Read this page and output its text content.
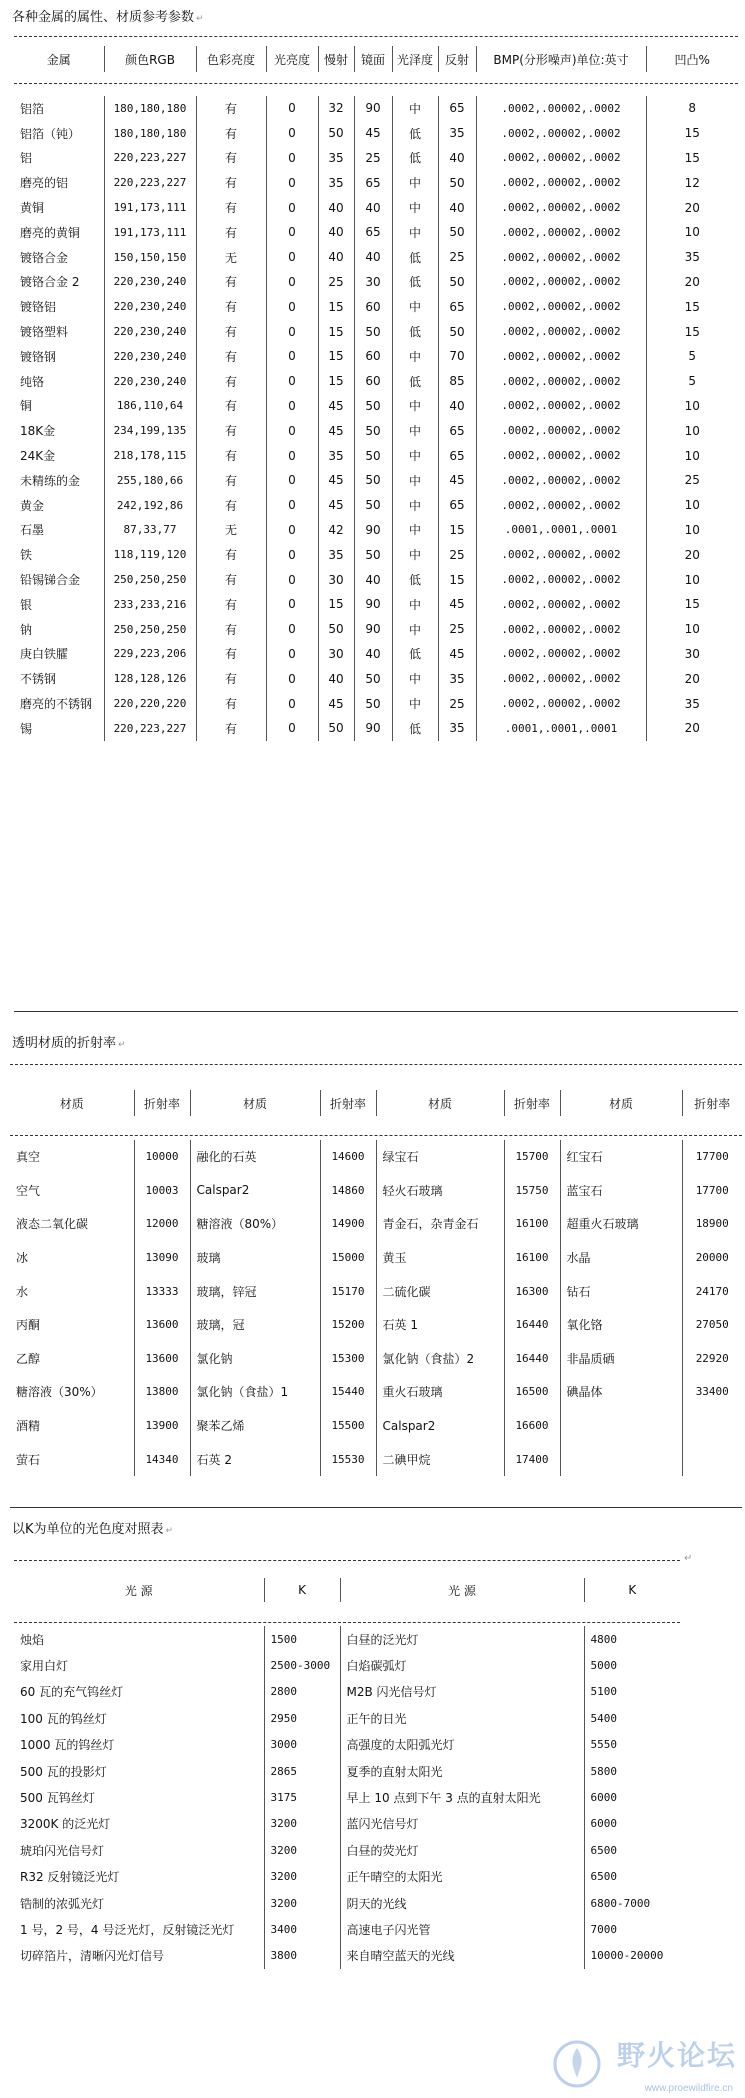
各种金属的属性、材质参考参数 ↵
金属	颜色RGB	色彩亮度	光亮度	慢射	镜面	光泽度	反射	BMP(分形噪声)单位:英寸	凹凸%

铝箔	180,180,180	有	0	32	90	中	65	.0002,.00002,.0002	8
铝箔（钝）	180,180,180	有	0	50	45	低	35	.0002,.00002,.0002	15
铝	220,223,227	有	0	35	25	低	40	.0002,.00002,.0002	15
磨亮的铝	220,223,227	有	0	35	65	中	50	.0002,.00002,.0002	12
黄铜	191,173,111	有	0	40	40	中	40	.0002,.00002,.0002	20
磨亮的黄铜	191,173,111	有	0	40	65	中	50	.0002,.00002,.0002	10
镀铬合金	150,150,150	无	0	40	40	低	25	.0002,.00002,.0002	35
镀铬合金 2	220,230,240	有	0	25	30	低	50	.0002,.00002,.0002	20
镀铬铝	220,230,240	有	0	15	60	中	65	.0002,.00002,.0002	15
镀铬塑料	220,230,240	有	0	15	50	低	50	.0002,.00002,.0002	15
镀铬钢	220,230,240	有	0	15	60	中	70	.0002,.00002,.0002	5
纯铬	220,230,240	有	0	15	60	低	85	.0002,.00002,.0002	5
铜	186,110,64	有	0	45	50	中	40	.0002,.00002,.0002	10
18K金	234,199,135	有	0	45	50	中	65	.0002,.00002,.0002	10
24K金	218,178,115	有	0	35	50	中	65	.0002,.00002,.0002	10
未精练的金	255,180,66	有	0	45	50	中	45	.0002,.00002,.0002	25
黄金	242,192,86	有	0	45	50	中	65	.0002,.00002,.0002	10
石墨	87,33,77	无	0	42	90	中	15	.0001,.0001,.0001	10
铁	118,119,120	有	0	35	50	中	25	.0002,.00002,.0002	20
铅锡锑合金	250,250,250	有	0	30	40	低	15	.0002,.00002,.0002	10
银	233,233,216	有	0	15	90	中	45	.0002,.00002,.0002	15
钠	250,250,250	有	0	50	90	中	25	.0002,.00002,.0002	10
庚白铁臛	229,223,206	有	0	30	40	低	45	.0002,.00002,.0002	30
不锈钢	128,128,126	有	0	40	50	中	35	.0002,.00002,.0002	20
磨亮的不锈钢	220,220,220	有	0	45	50	中	25	.0002,.00002,.0002	35
锡	220,223,227	有	0	50	90	低	35	.0001,.0001,.0001	20
透明材质的折射率 ↵
材质	折射率	材质	折射率	材质	折射率	材质	折射率

真空	10000	融化的石英	14600	绿宝石	15700	红宝石	17700
空气	10003	Calspar2	14860	轻火石玻璃	15750	蓝宝石	17700
液态二氧化碳	12000	糖溶液（80%）	14900	青金石，杂青金石	16100	超重火石玻璃	18900
冰	13090	玻璃	15000	黄玉	16100	水晶	20000
水	13333	玻璃，锌冠	15170	二硫化碳	16300	钻石	24170
丙酮	13600	玻璃，冠	15200	石英 1	16440	氧化铬	27050
乙醇	13600	氯化钠	15300	氯化钠（食盐）2	16440	非晶质硒	22920
糖溶液（30%）	13800	氯化钠（食盐）1	15440	重火石玻璃	16500	碘晶体	33400
酒精	13900	聚苯乙烯	15500	Calspar2	16600		
萤石	14340	石英 2	15530	二碘甲烷	17400		
以K为单位的光色度对照表 ↵
↵
光 源	K	光 源	K

烛焰	1500	白昼的泛光灯	4800
家用白灯	2500-3000	白焰碳弧灯	5000
60 瓦的充气钨丝灯	2800	M2B 闪光信号灯	5100
100 瓦的钨丝灯	2950	正午的日光	5400
1000 瓦的钨丝灯	3000	高强度的太阳弧光灯	5550
500 瓦的投影灯	2865	夏季的直射太阳光	5800
500 瓦钨丝灯	3175	早上 10 点到下午 3 点的直射太阳光	6000
3200K 的泛光灯	3200	蓝闪光信号灯	6000
琥珀闪光信号灯	3200	白昼的荧光灯	6500
R32 反射镜泛光灯	3200	正午晴空的太阳光	6500
锆制的浓弧光灯	3200	阴天的光线	6800-7000
1 号，2 号，4 号泛光灯，反射镜泛光灯	3400	高速电子闪光管	7000
切碎箔片，清晰闪光灯信号	3800	来自晴空蓝天的光线	10000-20000
野火论坛
www.proewildfire.cn
